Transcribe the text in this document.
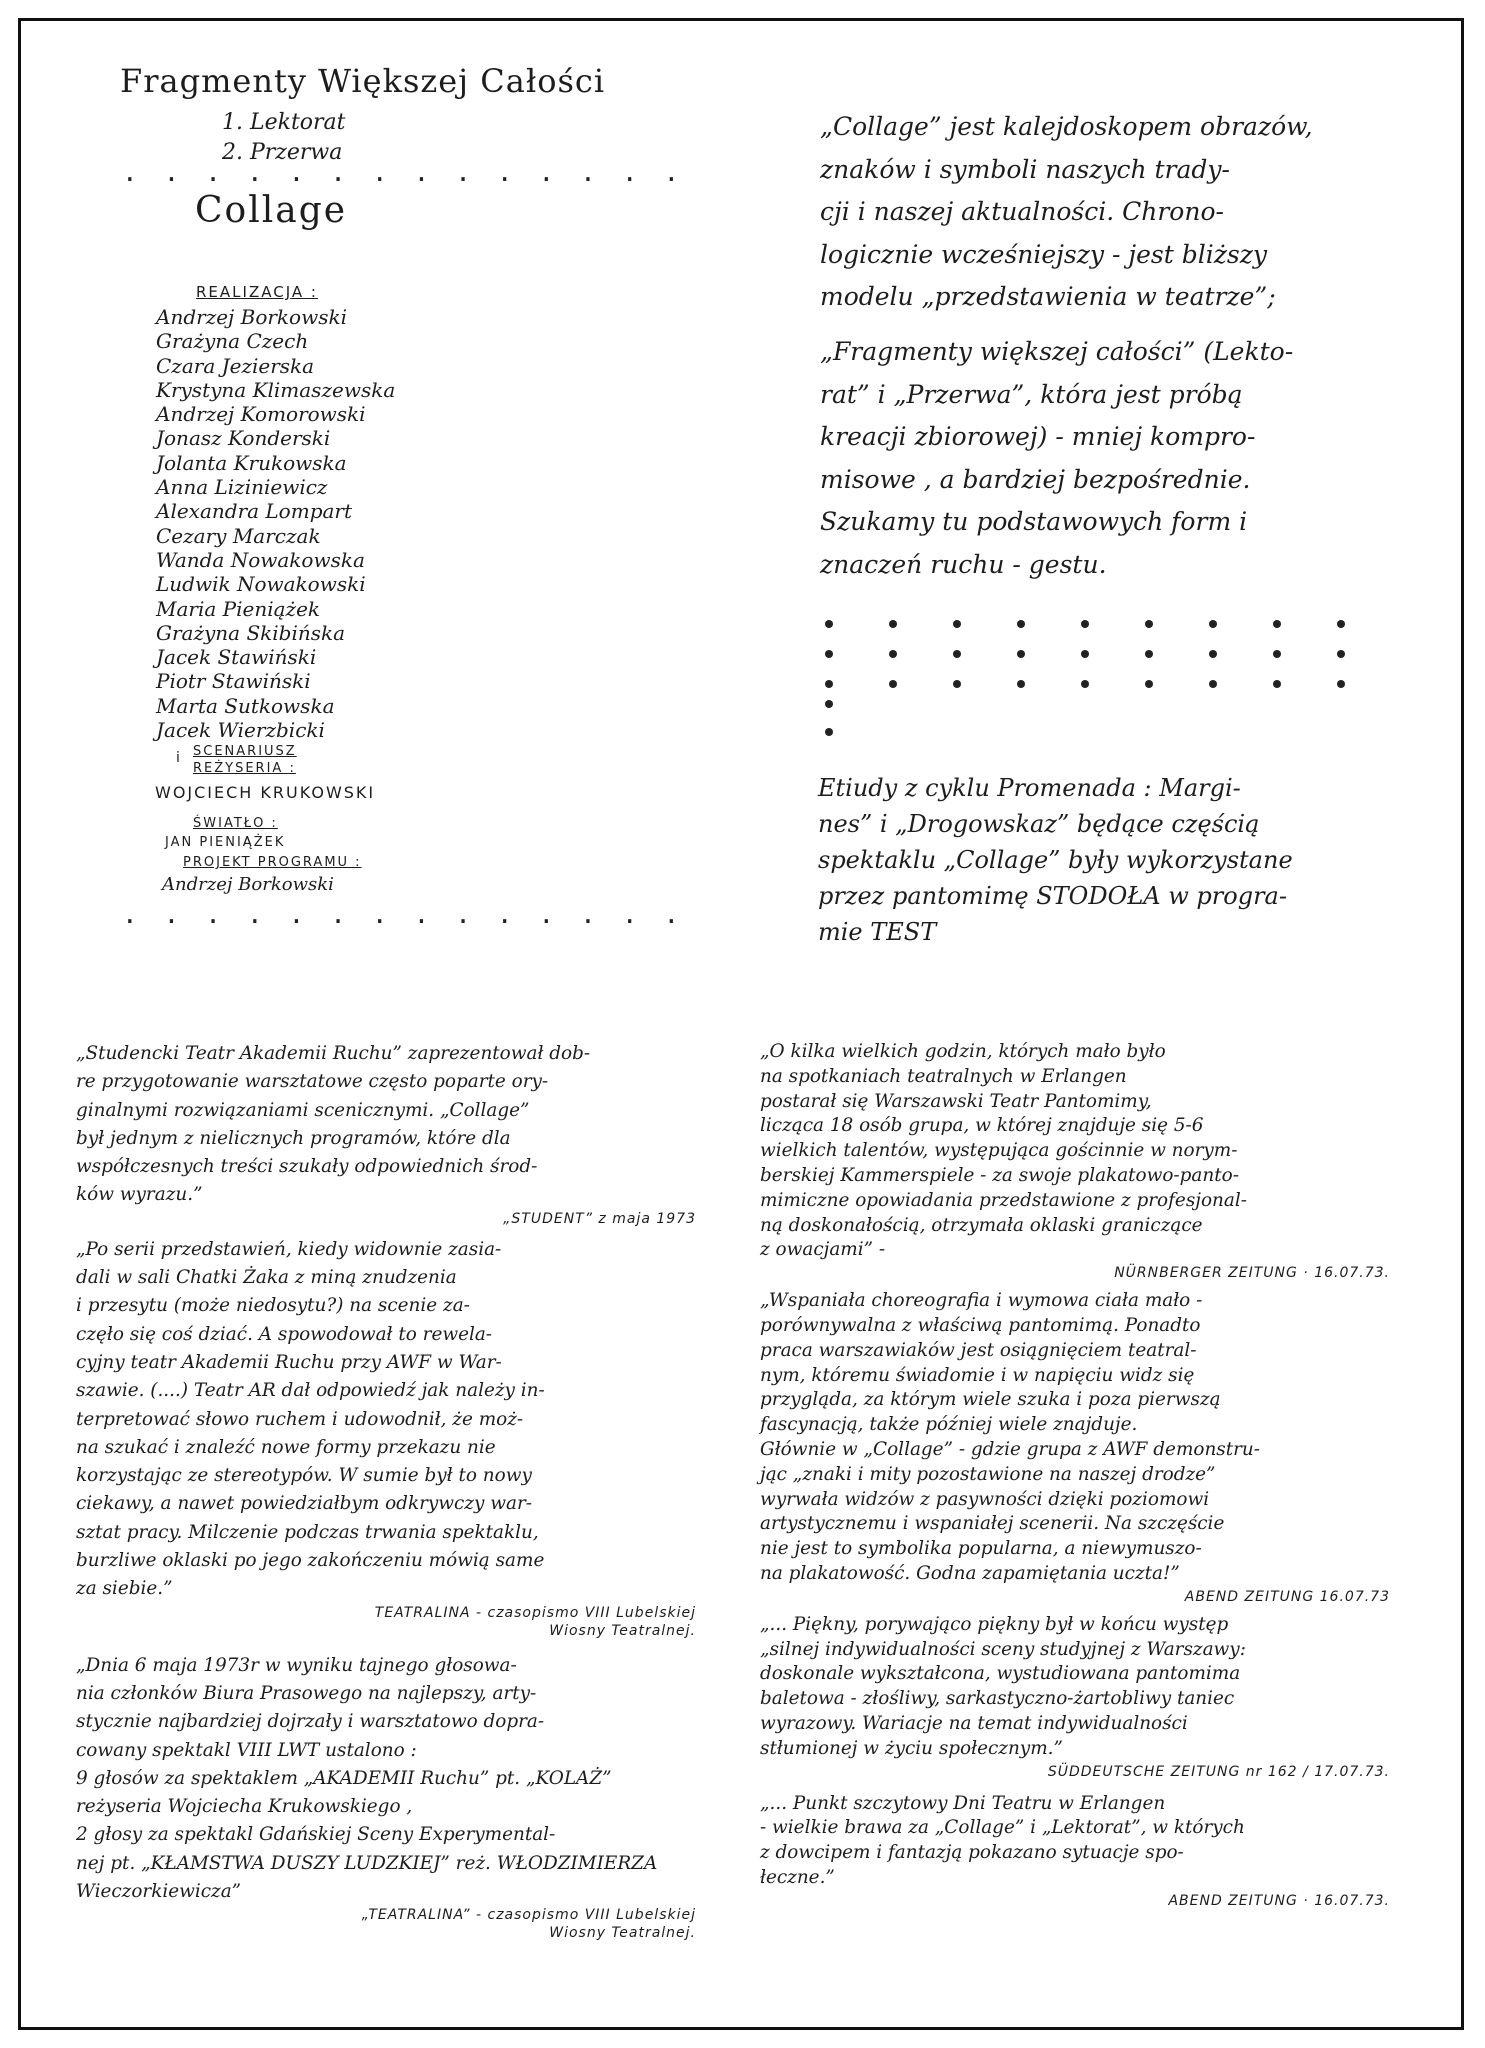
Fragmenty Większej Całości
1. Lektorat
2. Przerwa
..............
Collage
REALIZACJA :
Andrzej Borkowski
Grażyna Czech
Czara Jezierska
Krystyna Klimaszewska
Andrzej Komorowski
Jonasz Konderski
Jolanta Krukowska
Anna Liziniewicz
Alexandra Lompart
Cezary Marczak
Wanda Nowakowska
Ludwik Nowakowski
Maria Pieniążek
Grażyna Skibińska
Jacek Stawiński
Piotr Stawiński
Marta Sutkowska
Jacek Wierzbicki
i SCENARIUSZ
REŻYSERIA :
WOJCIECH KRUKOWSKI
ŚWIATŁO :
JAN PIENIĄŻEK
PROJEKT PROGRAMU :
Andrzej Borkowski
..............
„Collage” jest kalejdoskopem obrazów,
znaków i symboli naszych trady-
cji i naszej aktualności. Chrono-
logicznie wcześniejszy - jest bliższy
modelu „przedstawienia w teatrze”;
„Fragmenty większej całości” (Lekto-
rat” i „Przerwa”, która jest próbą
kreacji zbiorowej) - mniej kompro-
misowe , a bardziej bezpośrednie.
Szukamy tu podstawowych form i
znaczeń ruchu - gestu.
Etiudy z cyklu Promenada : Margi-
nes” i „Drogowskaz” będące częścią
spektaklu „Collage” były wykorzystane
przez pantomimę STODOŁA w progra-
mie TEST
„Studencki Teatr Akademii Ruchu” zaprezentował dob-
re przygotowanie warsztatowe często poparte ory-
ginalnymi rozwiązaniami scenicznymi. „Collage”
był jednym z nielicznych programów, które dla
współczesnych treści szukały odpowiednich środ-
ków wyrazu.”
„STUDENT” z maja 1973
„Po serii przedstawień, kiedy widownie zasia-
dali w sali Chatki Żaka z miną znudzenia
i przesytu (może niedosytu?) na scenie za-
częło się coś dziać. A spowodował to rewela-
cyjny teatr Akademii Ruchu przy AWF w War-
szawie. (....) Teatr AR dał odpowiedź jak należy in-
terpretować słowo ruchem i udowodnił, że moż-
na szukać i znaleźć nowe formy przekazu nie
korzystając ze stereotypów. W sumie był to nowy
ciekawy, a nawet powiedziałbym odkrywczy war-
sztat pracy. Milczenie podczas trwania spektaklu,
burzliwe oklaski po jego zakończeniu mówią same
za siebie.”
TEATRALINA - czasopismo VIII Lubelskiej Wiosny Teatralnej.
„Dnia 6 maja 1973r w wyniku tajnego głosowa-
nia członków Biura Prasowego na najlepszy, arty-
stycznie najbardziej dojrzały i warsztatowo dopra-
cowany spektakl VIII LWT ustalono :
9 głosów za spektaklem „AKADEMII Ruchu” pt. „KOLAŻ”
reżyseria Wojciecha Krukowskiego ,
2 głosy za spektakl Gdańskiej Sceny Experymental-
nej pt. „KŁAMSTWA DUSZY LUDZKIEJ” reż. WŁODZIMIERZA
Wieczorkiewicza”
„TEATRALINA” - czasopismo VIII Lubelskiej Wiosny Teatralnej.
„O kilka wielkich godzin, których mało było
na spotkaniach teatralnych w Erlangen
postarał się Warszawski Teatr Pantomimy,
licząca 18 osób grupa, w której znajduje się 5-6
wielkich talentów, występująca gościnnie w norym-
berskiej Kammerspiele - za swoje plakatowo-panto-
mimiczne opowiadania przedstawione z profesjonal-
ną doskonałością, otrzymała oklaski graniczące
z owacjami” -
NÜRNBERGER ZEITUNG · 16.07.73.
„Wspaniała choreografia i wymowa ciała mało -
porównywalna z właściwą pantomimą. Ponadto
praca warszawiaków jest osiągnięciem teatral-
nym, któremu świadomie i w napięciu widz się
przygląda, za którym wiele szuka i poza pierwszą
fascynacją, także później wiele znajduje.
Głównie w „Collage” - gdzie grupa z AWF demonstru-
jąc „znaki i mity pozostawione na naszej drodze”
wyrwała widzów z pasywności dzięki poziomowi
artystycznemu i wspaniałej scenerii. Na szczęście
nie jest to symbolika popularna, a niewymuszo-
na plakatowość. Godna zapamiętania uczta!”
ABEND ZEITUNG 16.07.73
„... Piękny, porywająco piękny był w końcu występ
„silnej indywidualności sceny studyjnej z Warszawy:
doskonale wykształcona, wystudiowana pantomima
baletowa - złośliwy, sarkastyczno-żartobliwy taniec
wyrazowy. Wariacje na temat indywidualności
stłumionej w życiu społecznym.”
SÜDDEUTSCHE ZEITUNG nr 162 / 17.07.73.
„... Punkt szczytowy Dni Teatru w Erlangen
- wielkie brawa za „Collage” i „Lektorat”, w których
z dowcipem i fantazją pokazano sytuacje spo-
łeczne.”
ABEND ZEITUNG · 16.07.73.
